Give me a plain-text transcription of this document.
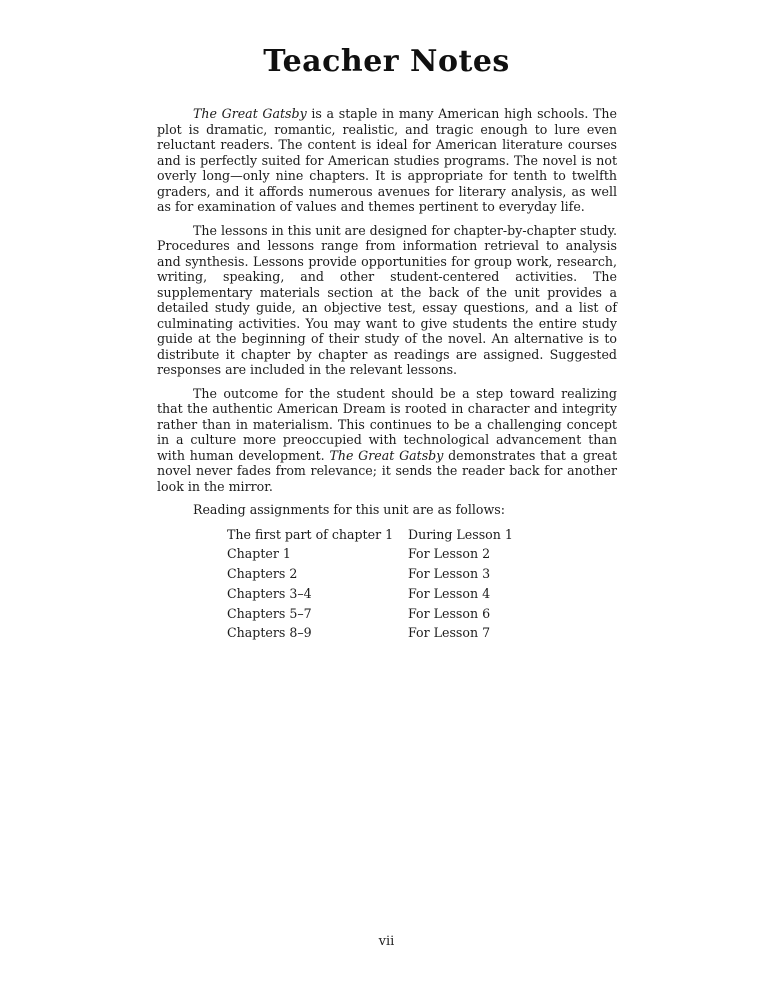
Teacher Notes

The Great Gatsby is a staple in many American high schools. The plot is dramatic, romantic, realistic, and tragic enough to lure even reluctant readers. The content is ideal for American literature courses and is perfectly suited for American studies programs. The novel is not overly long—only nine chapters. It is appropriate for tenth to twelfth graders, and it affords numerous avenues for literary analysis, as well as for examination of values and themes pertinent to everyday life.

The lessons in this unit are designed for chapter-by-chapter study. Procedures and lessons range from information retrieval to analysis and synthesis. Lessons provide opportunities for group work, research, writing, speaking, and other student-centered activities. The supplementary materials section at the back of the unit provides a detailed study guide, an objective test, essay questions, and a list of culminating activities. You may want to give students the entire study guide at the beginning of their study of the novel. An alternative is to distribute it chapter by chapter as readings are assigned. Suggested responses are included in the relevant lessons.

The outcome for the student should be a step toward realizing that the authentic American Dream is rooted in character and integrity rather than in materialism. This continues to be a challenging concept in a culture more preoccupied with technological advancement than with human development. The Great Gatsby demonstrates that a great novel never fades from relevance; it sends the reader back for another look in the mirror.

Reading assignments for this unit are as follows:

The first part of chapter 1	During Lesson 1
Chapter 1	For Lesson 2
Chapters 2	For Lesson 3
Chapters 3–4	For Lesson 4
Chapters 5–7	For Lesson 6
Chapters 8–9	For Lesson 7
vii
